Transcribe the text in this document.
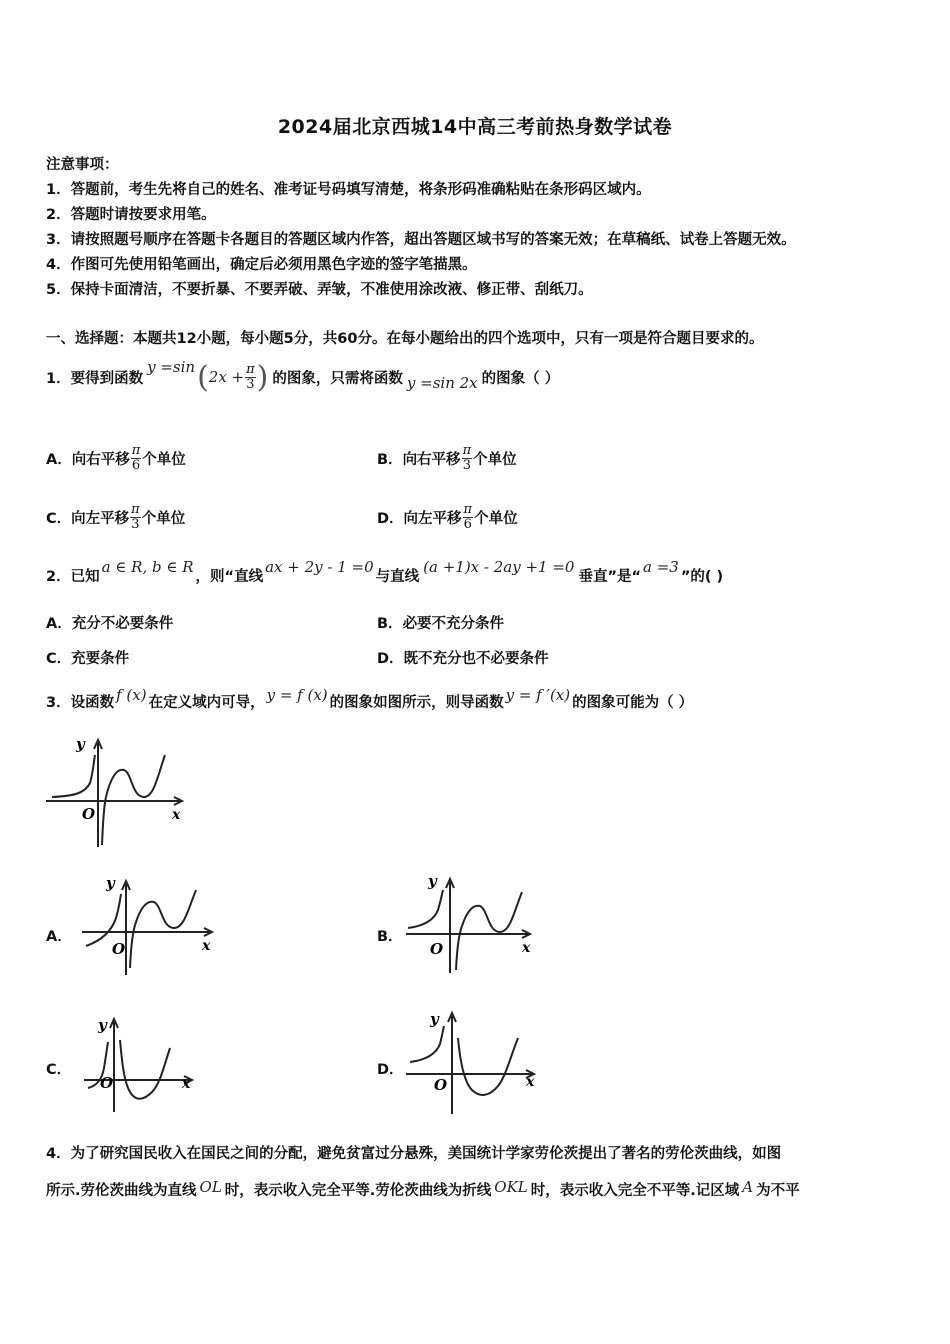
2024届北京西城14中高三考前热身数学试卷
注意事项：
1．答题前，考生先将自己的姓名、准考证号码填写清楚，将条形码准确粘贴在条形码区域内。
2．答题时请按要求用笔。
3．请按照题号顺序在答题卡各题目的答题区域内作答，超出答题区域书写的答案无效；在草稿纸、试卷上答题无效。
4．作图可先使用铅笔画出，确定后必须用黑色字迹的签字笔描黑。
5．保持卡面清洁，不要折暴、不要弄破、弄皱，不准使用涂改液、修正带、刮纸刀。
一、选择题：本题共12小题，每小题5分，共60分。在每小题给出的四个选项中，只有一项是符合题目要求的。
1．要得到函数
y =sin ( $2x + \frac{\pi}{3}$ ) 的图象，只需将函数 y =sin 2x 的图象（ ）
A． 向右平移 $\frac{\pi}{6}$ 个单位	B． 向右平移 $\frac{\pi}{3}$ 个单位
C． 向左平移 $\frac{\pi}{3}$ 个单位	D． 向左平移 $\frac{\pi}{6}$ 个单位
2．已知
a ∈ R, b ∈ R
，则“直线
ax + 2y - 1 =0
与直线
(a +1)x - 2ay +1 =0
垂直”是“
a =3
”的( )
A．充分不必要条件	B．必要不充分条件
C．充要条件	D．既不充分也不必要条件
3．设函数 f (x) 在定义域内可导， y = f (x) 的图象如图所示，则导函数 y = f ′(x) 的图象可能为（ ）
y
O	x
A．
y
O	x
B．
y
O	x
C．
y
O	x
D．
y
O	x
4．为了研究国民收入在国民之间的分配，避免贫富过分悬殊，美国统计学家劳伦茨提出了著名的劳伦茨曲线，如图
所示.劳伦茨曲线为直线 OL 时，表示收入完全平等.劳伦茨曲线为折线 OKL 时，表示收入完全不平等.记区域 A 为不平
